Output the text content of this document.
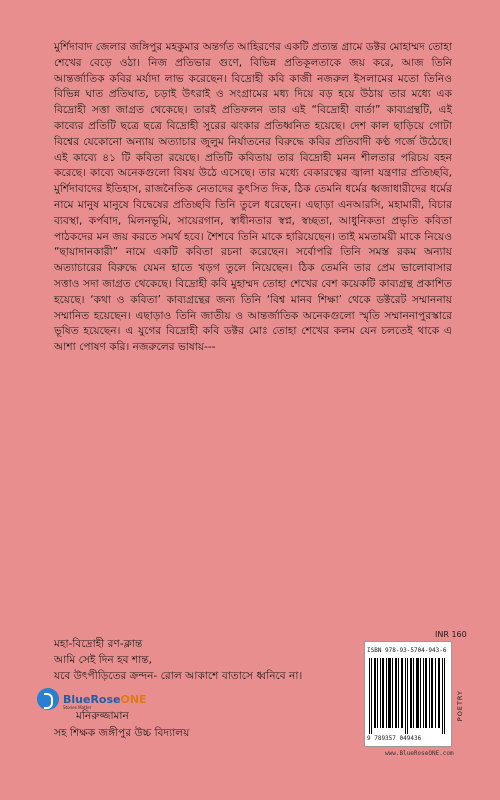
মুর্শিদাবাদ জেলার জঙ্গিপুর মহকুমার অন্তর্গত আহিরণের একটি প্রত্যন্ত গ্রামে ডক্টর মোহাম্মদ তোহা শেখের বেড়ে ওঠা। নিজ প্রতিভার গুণে, বিভিন্ন প্রতিকূলতাকে জয় করে, আজ তিনি আন্তর্জাতিক কবির মর্যাদা লাভ করেছেন। বিদ্রোহী কবি কাজী নজরুল ইসলামের মতো তিনিও বিভিন্ন ঘাত প্রতিঘাত, চড়াই উৎরাই ও সংগ্রামের মধ্য দিয়ে বড় হয়ে উঠায় তার মধ্যে এক বিদ্রোহী সত্তা জাগ্রত থেকেছে। তারই প্রতিফলন তার এই “বিদ্রোহী বার্তা” কাব্যগ্রন্থটি, এই কাব্যের প্রতিটি ছত্রে ছত্রে বিদ্রোহী সুরের ঝংকার প্রতিধ্বনিত হয়েছে। দেশ কাল ছাড়িয়ে গোটা বিশ্বের যেকোনো অন্যায় অত্যাচার জুলুম নির্যাতনের বিরুদ্ধে কবির প্রতিবাদী কণ্ঠ গর্জে উঠেছে। এই কাব্যে ৪১ টি কবিতা রয়েছে। প্রতিটি কবিতায় তার বিদ্রোহী মনন শীলতার পরিচয় বহন করেছে। কাব্যে অনেকগুলো বিষয় উঠে এসেছে। তার মধ্যে বেকারত্বের জ্বালা যন্ত্রণার প্রতিচ্ছবি, মুর্শিদাবাদের ইতিহাস, রাজনৈতিক নেতাদের কুৎসিত দিক, ঠিক তেমনি ধর্মের ধ্বজাধারীদের ধর্মের নামে মানুষ মানুষে বিদ্বেষের প্রতিচ্ছবি তিনি তুলে ধরেছেন। এছাড়া এনআরসি, মহামারী, বিচার ব্যবস্থা, কর্পবাদ, মিলনভূমি, সায়েরগান, স্বাধীনতার স্বপ্ন, স্বচ্ছতা, আধুনিকতা প্রভৃতি কবিতা পাঠকদের মন জয় করতে সমর্থ হবে। শৈশবে তিনি মাকে হারিয়েছেন। তাই মমতাময়ী মাকে নিয়েও “ছায়াদানকারী” নামে একটি কবিতা রচনা করেছেন। সর্বোপরি তিনি সমস্ত রকম অন্যায় অত্যাচারের বিরুদ্ধে যেমন হাতে খড়গ তুলে নিয়েছেন। ঠিক তেমনি তার প্রেম ভালোবাসার সত্তাও সদা জাগ্রত থেকেছে। বিদ্রোহী কবি মুহাম্মদ তোহা শেখের বেশ কয়েকটি কাব্যগ্রন্থ প্রকাশিত হয়েছে। ‘কথা ও কবিতা’ কাব্যগ্রন্থের জন্য তিনি ‘বিশ্ব মানব শিক্ষা’ থেকে ডক্টরেট সম্মাননায় সম্মানিত হয়েছেন। এছাড়াও তিনি জাতীয় ও আন্তর্জাতিক অনেকগুলো স্মৃতি সম্মাননাপুরস্কারে ভূষিত হয়েছেন। এ যুগের বিদ্রোহী কবি ডক্টর মোঃ তোহা শেখের কলম যেন চলতেই থাকে এ আশা পোষণ করি। নজরুলের ভাষায়---

মহা-বিদ্রোহী রণ-ক্লান্ত
আমি সেই দিন হব শান্ত,
যবে উৎপীড়িতের ক্রন্দন- রোল আকাশে বাতাসে ধ্বনিবে না।
মনিরুজ্জামান
সহ শিক্ষক জঙ্গীপুর উচ্চ বিদ্যালয়
BlueRoseONE
Stories Matter
INR 160
POETRY
ISBN 978-93-5704-943-6
9 789357 049436
www.BlueRoseONE.com
